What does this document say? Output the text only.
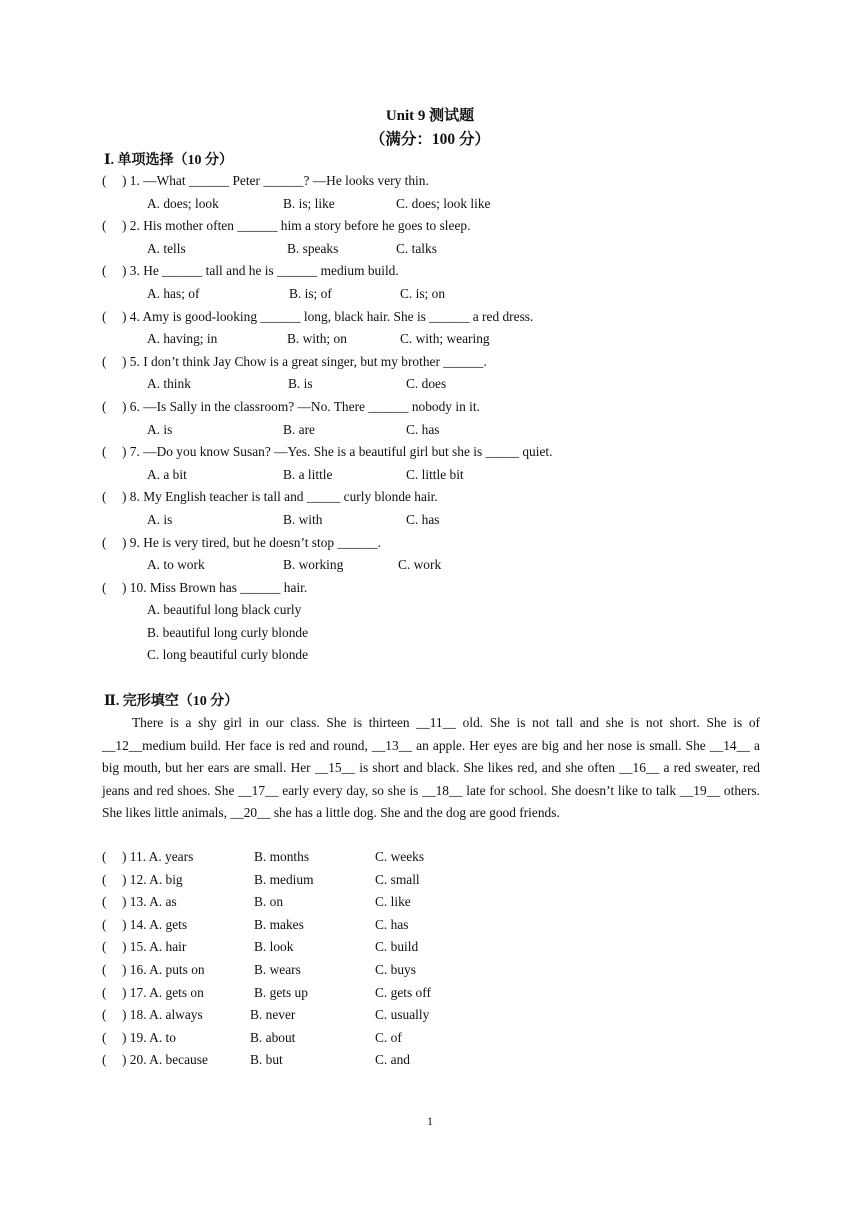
Unit 9 测试题
（满分：100 分）
Ⅰ. 单项选择（10 分）
( ) 1. —What ______ Peter ______? —He looks very thin.
A. does; look	B. is; like	C. does; look like
( ) 2. His mother often ______ him a story before he goes to sleep.
A. tells	B. speaks	C. talks
( ) 3. He ______ tall and he is ______ medium build.
A. has; of	B. is; of	C. is; on
( ) 4. Amy is good-looking ______ long, black hair. She is ______ a red dress.
A. having; in	B. with; on	C. with; wearing
( ) 5. I don’t think Jay Chow is a great singer, but my brother ______.
A. think	B. is	C. does
( ) 6. —Is Sally in the classroom? —No. There ______ nobody in it.
A. is	B. are	C. has
( ) 7. —Do you know Susan? —Yes. She is a beautiful girl but she is _____ quiet.
A. a bit	B. a little	C. little bit
( ) 8. My English teacher is tall and _____ curly blonde hair.
A. is	B. with	C. has
( ) 9. He is very tired, but he doesn’t stop ______.
A. to work	B. working	C. work
( ) 10. Miss Brown has ______ hair.
A. beautiful long black curly
B. beautiful long curly blonde
C. long beautiful curly blonde
Ⅱ. 完形填空（10 分）
There is a shy girl in our class. She is thirteen __11__ old. She is not tall and she is not short. She is of __12__medium build. Her face is red and round, __13__ an apple. Her eyes are big and her nose is small. She __14__ a big mouth, but her ears are small. Her __15__ is short and black. She likes red, and she often __16__ a red sweater, red jeans and red shoes. She __17__ early every day, so she is __18__ late for school. She doesn’t like to talk __19__ others. She likes little animals, __20__ she has a little dog. She and the dog are good friends.
( ) 11. A. years	B. months	C. weeks
( ) 12. A. big	B. medium	C. small
( ) 13. A. as	B. on	C. like
( ) 14. A. gets	B. makes	C. has
( ) 15. A. hair	B. look	C. build
( ) 16. A. puts on	B. wears	C. buys
( ) 17. A. gets on	B. gets up	C. gets off
( ) 18. A. always	B. never	C. usually
( ) 19. A. to	B. about	C. of
( ) 20. A. because	B. but	C. and
1
